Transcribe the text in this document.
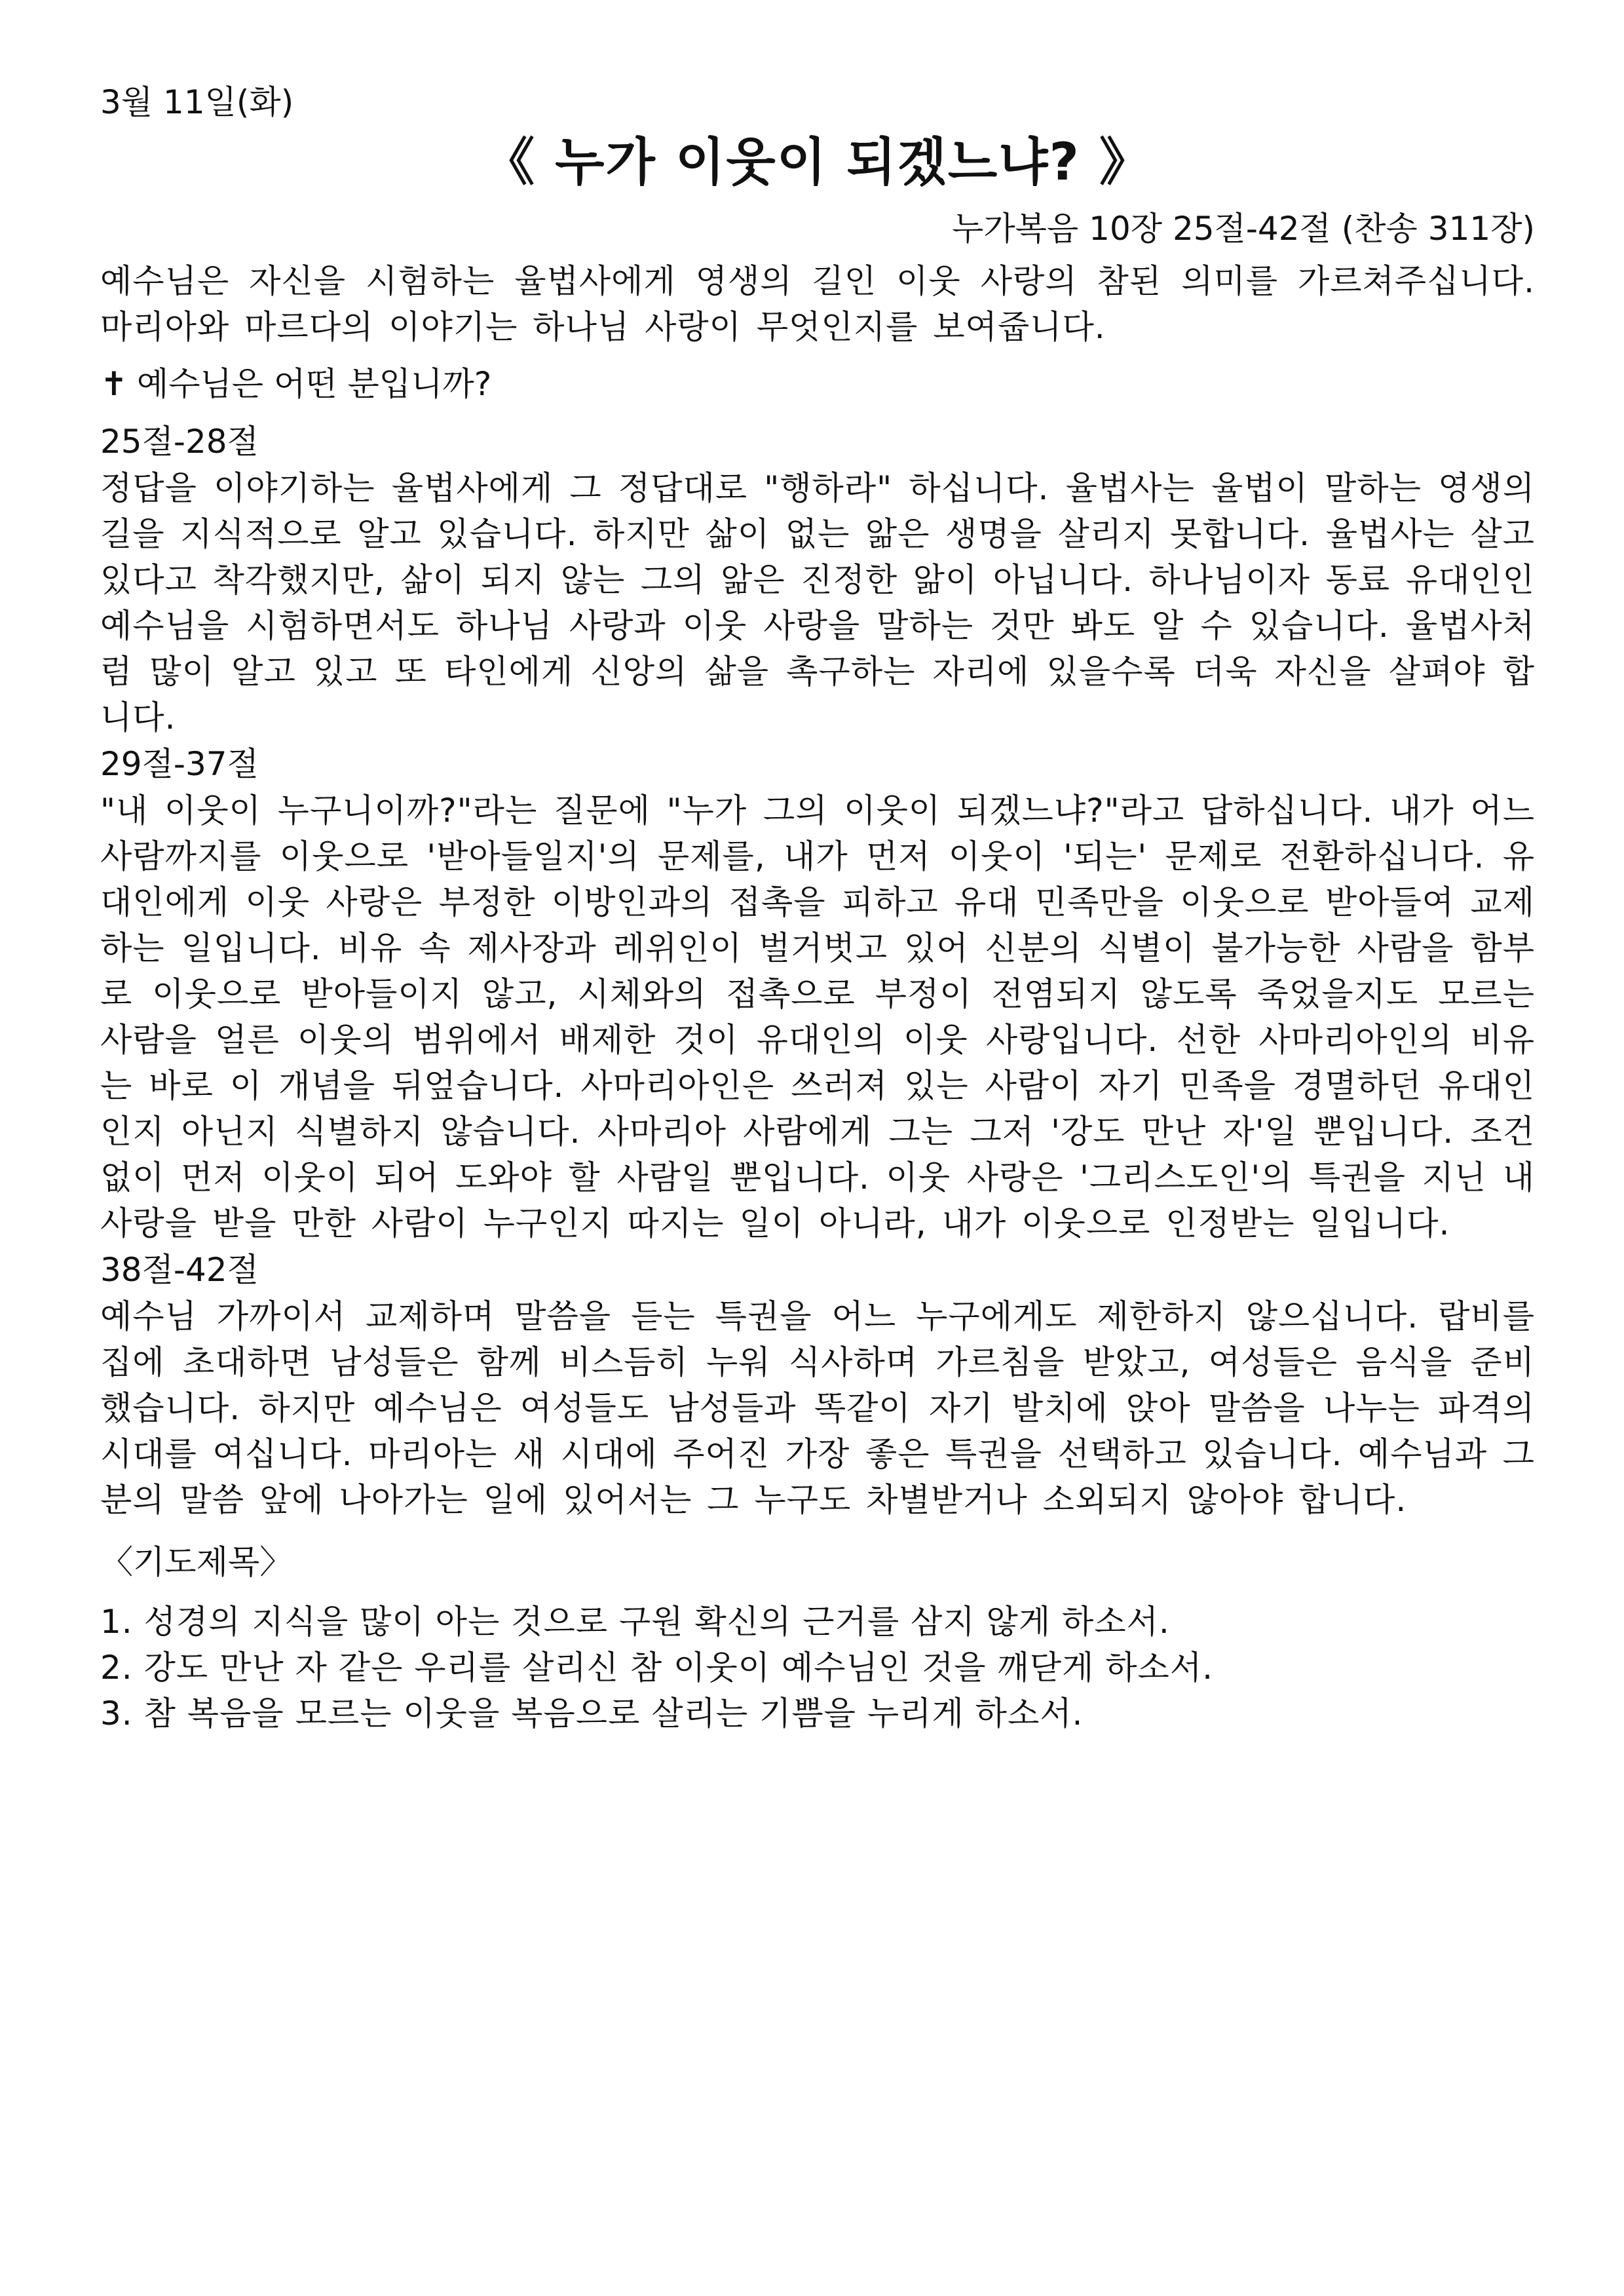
3월 11일(화)
《 누가 이웃이 되겠느냐? 》
누가복음 10장 25절-42절 (찬송 311장)

예수님은 자신을 시험하는 율법사에게 영생의 길인 이웃 사랑의 참된 의미를 가르쳐주십니다. 마리아와 마르다의 이야기는 하나님 사랑이 무엇인지를 보여줍니다.

✝ 예수님은 어떤 분입니까?
25절-28절

정답을 이야기하는 율법사에게 그 정답대로 "행하라" 하십니다. 율법사는 율법이 말하는 영생의 길을 지식적으로 알고 있습니다. 하지만 삶이 없는 앎은 생명을 살리지 못합니다. 율법사는 살고 있다고 착각했지만, 삶이 되지 않는 그의 앎은 진정한 앎이 아닙니다. 하나님이자 동료 유대인인 예수님을 시험하면서도 하나님 사랑과 이웃 사랑을 말하는 것만 봐도 알 수 있습니다. 율법사처럼 많이 알고 있고 또 타인에게 신앙의 삶을 촉구하는 자리에 있을수록 더욱 자신을 살펴야 합니다.

29절-37절

"내 이웃이 누구니이까?"라는 질문에 "누가 그의 이웃이 되겠느냐?"라고 답하십니다. 내가 어느 사람까지를 이웃으로 '받아들일지'의 문제를, 내가 먼저 이웃이 '되는' 문제로 전환하십니다. 유대인에게 이웃 사랑은 부정한 이방인과의 접촉을 피하고 유대 민족만을 이웃으로 받아들여 교제하는 일입니다. 비유 속 제사장과 레위인이 벌거벗고 있어 신분의 식별이 불가능한 사람을 함부로 이웃으로 받아들이지 않고, 시체와의 접촉으로 부정이 전염되지 않도록 죽었을지도 모르는 사람을 얼른 이웃의 범위에서 배제한 것이 유대인의 이웃 사랑입니다. 선한 사마리아인의 비유는 바로 이 개념을 뒤엎습니다. 사마리아인은 쓰러져 있는 사람이 자기 민족을 경멸하던 유대인인지 아닌지 식별하지 않습니다. 사마리아 사람에게 그는 그저 '강도 만난 자'일 뿐입니다. 조건 없이 먼저 이웃이 되어 도와야 할 사람일 뿐입니다. 이웃 사랑은 '그리스도인'의 특권을 지닌 내 사랑을 받을 만한 사람이 누구인지 따지는 일이 아니라, 내가 이웃으로 인정받는 일입니다.

38절-42절

예수님 가까이서 교제하며 말씀을 듣는 특권을 어느 누구에게도 제한하지 않으십니다. 랍비를 집에 초대하면 남성들은 함께 비스듬히 누워 식사하며 가르침을 받았고, 여성들은 음식을 준비했습니다. 하지만 예수님은 여성들도 남성들과 똑같이 자기 발치에 앉아 말씀을 나누는 파격의 시대를 여십니다. 마리아는 새 시대에 주어진 가장 좋은 특권을 선택하고 있습니다. 예수님과 그분의 말씀 앞에 나아가는 일에 있어서는 그 누구도 차별받거나 소외되지 않아야 합니다.

〈기도제목〉
1. 성경의 지식을 많이 아는 것으로 구원 확신의 근거를 삼지 않게 하소서.
2. 강도 만난 자 같은 우리를 살리신 참 이웃이 예수님인 것을 깨닫게 하소서.
3. 참 복음을 모르는 이웃을 복음으로 살리는 기쁨을 누리게 하소서.
